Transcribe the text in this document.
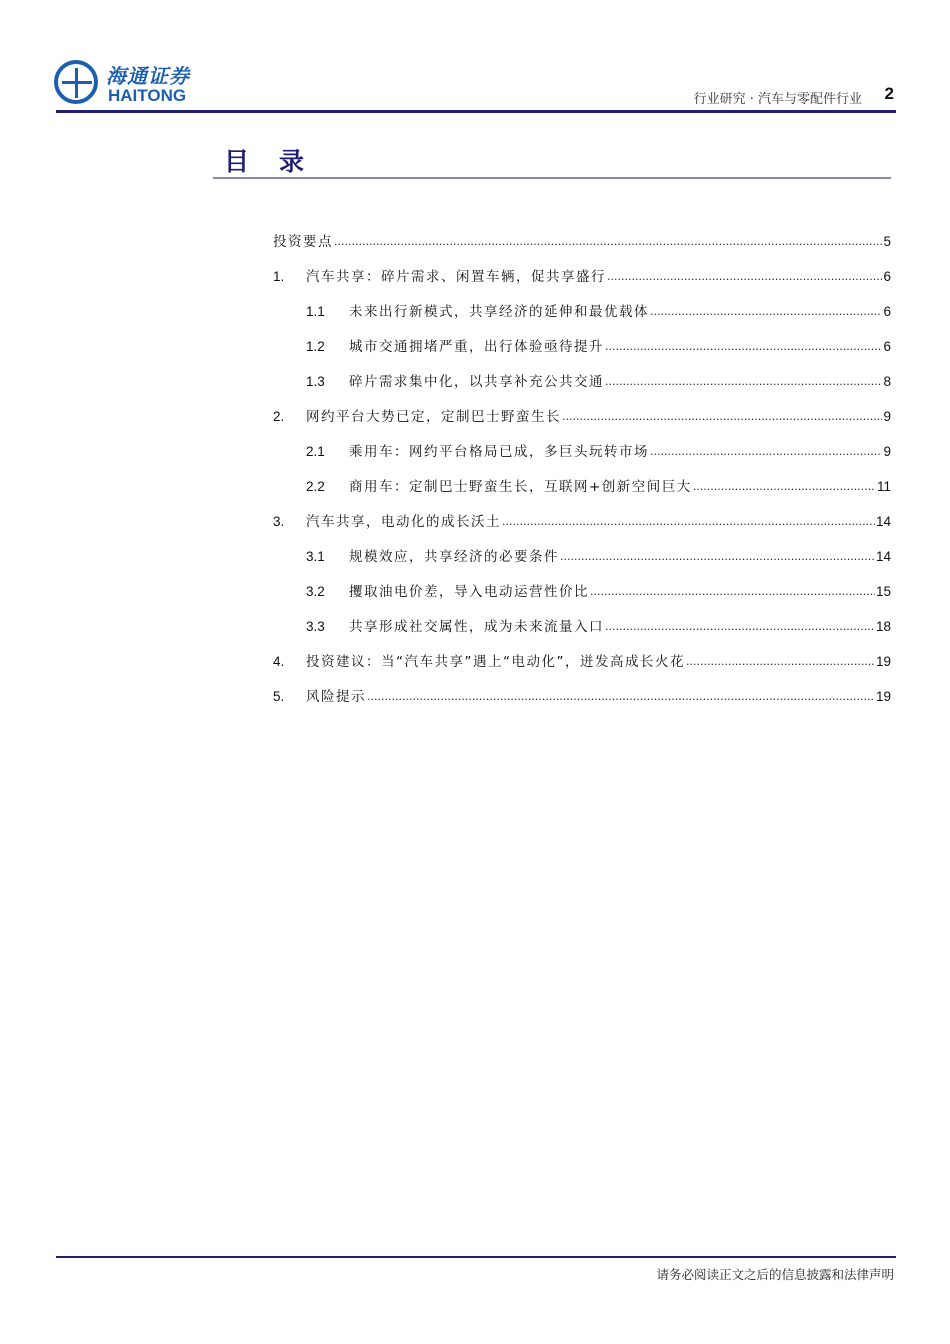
海通证券
HAITONG	行业研究 · 汽车与零配件行业 2
目录
投资要点 .....	5
1.	汽车共享：碎片需求、闲置车辆，促共享盛行 .....	6
1.1	未来出行新模式，共享经济的延伸和最优载体 .....	6
1.2	城市交通拥堵严重，出行体验亟待提升 .....	6
1.3	碎片需求集中化，以共享补充公共交通 .....	8
2.	网约平台大势已定，定制巴士野蛮生长 .....	9
2.1	乘用车：网约平台格局已成，多巨头玩转市场 .....	9
2.2	商用车：定制巴士野蛮生长，互联网+创新空间巨大 .....	11
3.	汽车共享，电动化的成长沃土 .....	14
3.1	规模效应，共享经济的必要条件 .....	14
3.2	攫取油电价差，导入电动运营性价比 .....	15
3.3	共享形成社交属性，成为未来流量入口 .....	18
4.	投资建议：当“汽车共享”遇上“电动化”，迸发高成长火花 .....	19
5.	风险提示 .....	19
请务必阅读正文之后的信息披露和法律声明
